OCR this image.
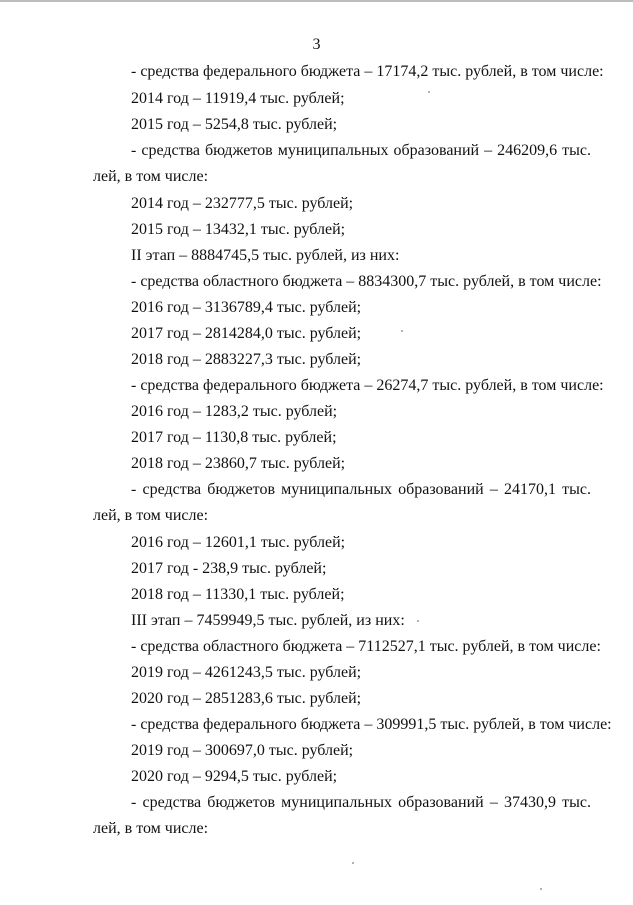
3
- средства федерального бюджета – 17174,2 тыс. рублей, в том числе:
2014 год – 11919,4 тыс. рублей;
2015 год – 5254,8 тыс. рублей;
- средства бюджетов муниципальных образований – 246209,6 тыс.
лей, в том числе:
2014 год – 232777,5 тыс. рублей;
2015 год – 13432,1 тыс. рублей;
II этап – 8884745,5 тыс. рублей, из них:
- средства областного бюджета – 8834300,7 тыс. рублей, в том числе:
2016 год – 3136789,4 тыс. рублей;
2017 год – 2814284,0 тыс. рублей;
2018 год – 2883227,3 тыс. рублей;
- средства федерального бюджета – 26274,7 тыс. рублей, в том числе:
2016 год – 1283,2 тыс. рублей;
2017 год – 1130,8 тыс. рублей;
2018 год – 23860,7 тыс. рублей;
- средства бюджетов муниципальных образований – 24170,1 тыс.
лей, в том числе:
2016 год – 12601,1 тыс. рублей;
2017 год - 238,9 тыс. рублей;
2018 год – 11330,1 тыс. рублей;
III этап – 7459949,5 тыс. рублей, из них:
- средства областного бюджета – 7112527,1 тыс. рублей, в том числе:
2019 год – 4261243,5 тыс. рублей;
2020 год – 2851283,6 тыс. рублей;
- средства федерального бюджета – 309991,5 тыс. рублей, в том числе:
2019 год – 300697,0 тыс. рублей;
2020 год – 9294,5 тыс. рублей;
- средства бюджетов муниципальных образований – 37430,9 тыс.
лей, в том числе:
